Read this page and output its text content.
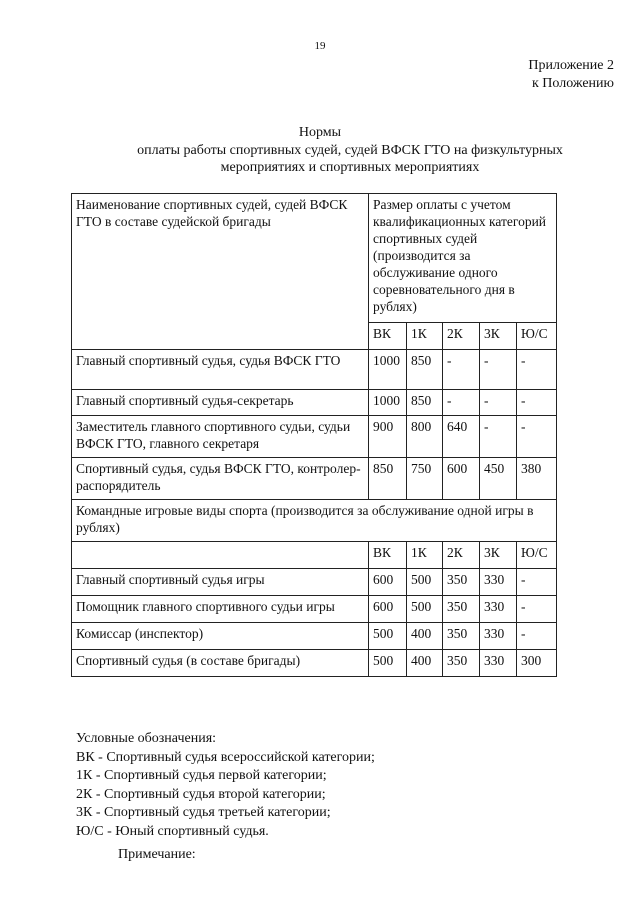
19
Приложение 2
к Положению
Нормы
оплаты работы спортивных судей, судей ВФСК ГТО на физкультурных мероприятиях и спортивных мероприятиях
Наименование спортивных судей, судей ВФСК ГТО в составе судейской бригады	Размер оплаты с учетом квалификационных категорий спортивных судей (производится за обслуживание одного соревновательного дня в рублях)				
	ВК	1К	2К	3К	Ю/С
Главный спортивный судья, судья ВФСК ГТО	1000	850	-	-	-
Главный спортивный судья-секретарь	1000	850	-	-	-
Заместитель главного спортивного судьи, судьи ВФСК ГТО, главного секретаря	900	800	640	-	-
Спортивный судья, судья ВФСК ГТО, контролер-распорядитель	850	750	600	450	380
Командные игровые виды спорта (производится за обслуживание одной игры в рублях)					
	ВК	1К	2К	3К	Ю/С
Главный спортивный судья игры	600	500	350	330	-
Помощник главного спортивного судьи игры	600	500	350	330	-
Комиссар (инспектор)	500	400	350	330	-
Спортивный судья (в составе бригады)	500	400	350	330	300
Условные обозначения:
ВК - Спортивный судья всероссийской категории;
1К - Спортивный судья первой категории;
2К - Спортивный судья второй категории;
3К - Спортивный судья третьей категории;
Ю/С - Юный спортивный судья.
Примечание:
